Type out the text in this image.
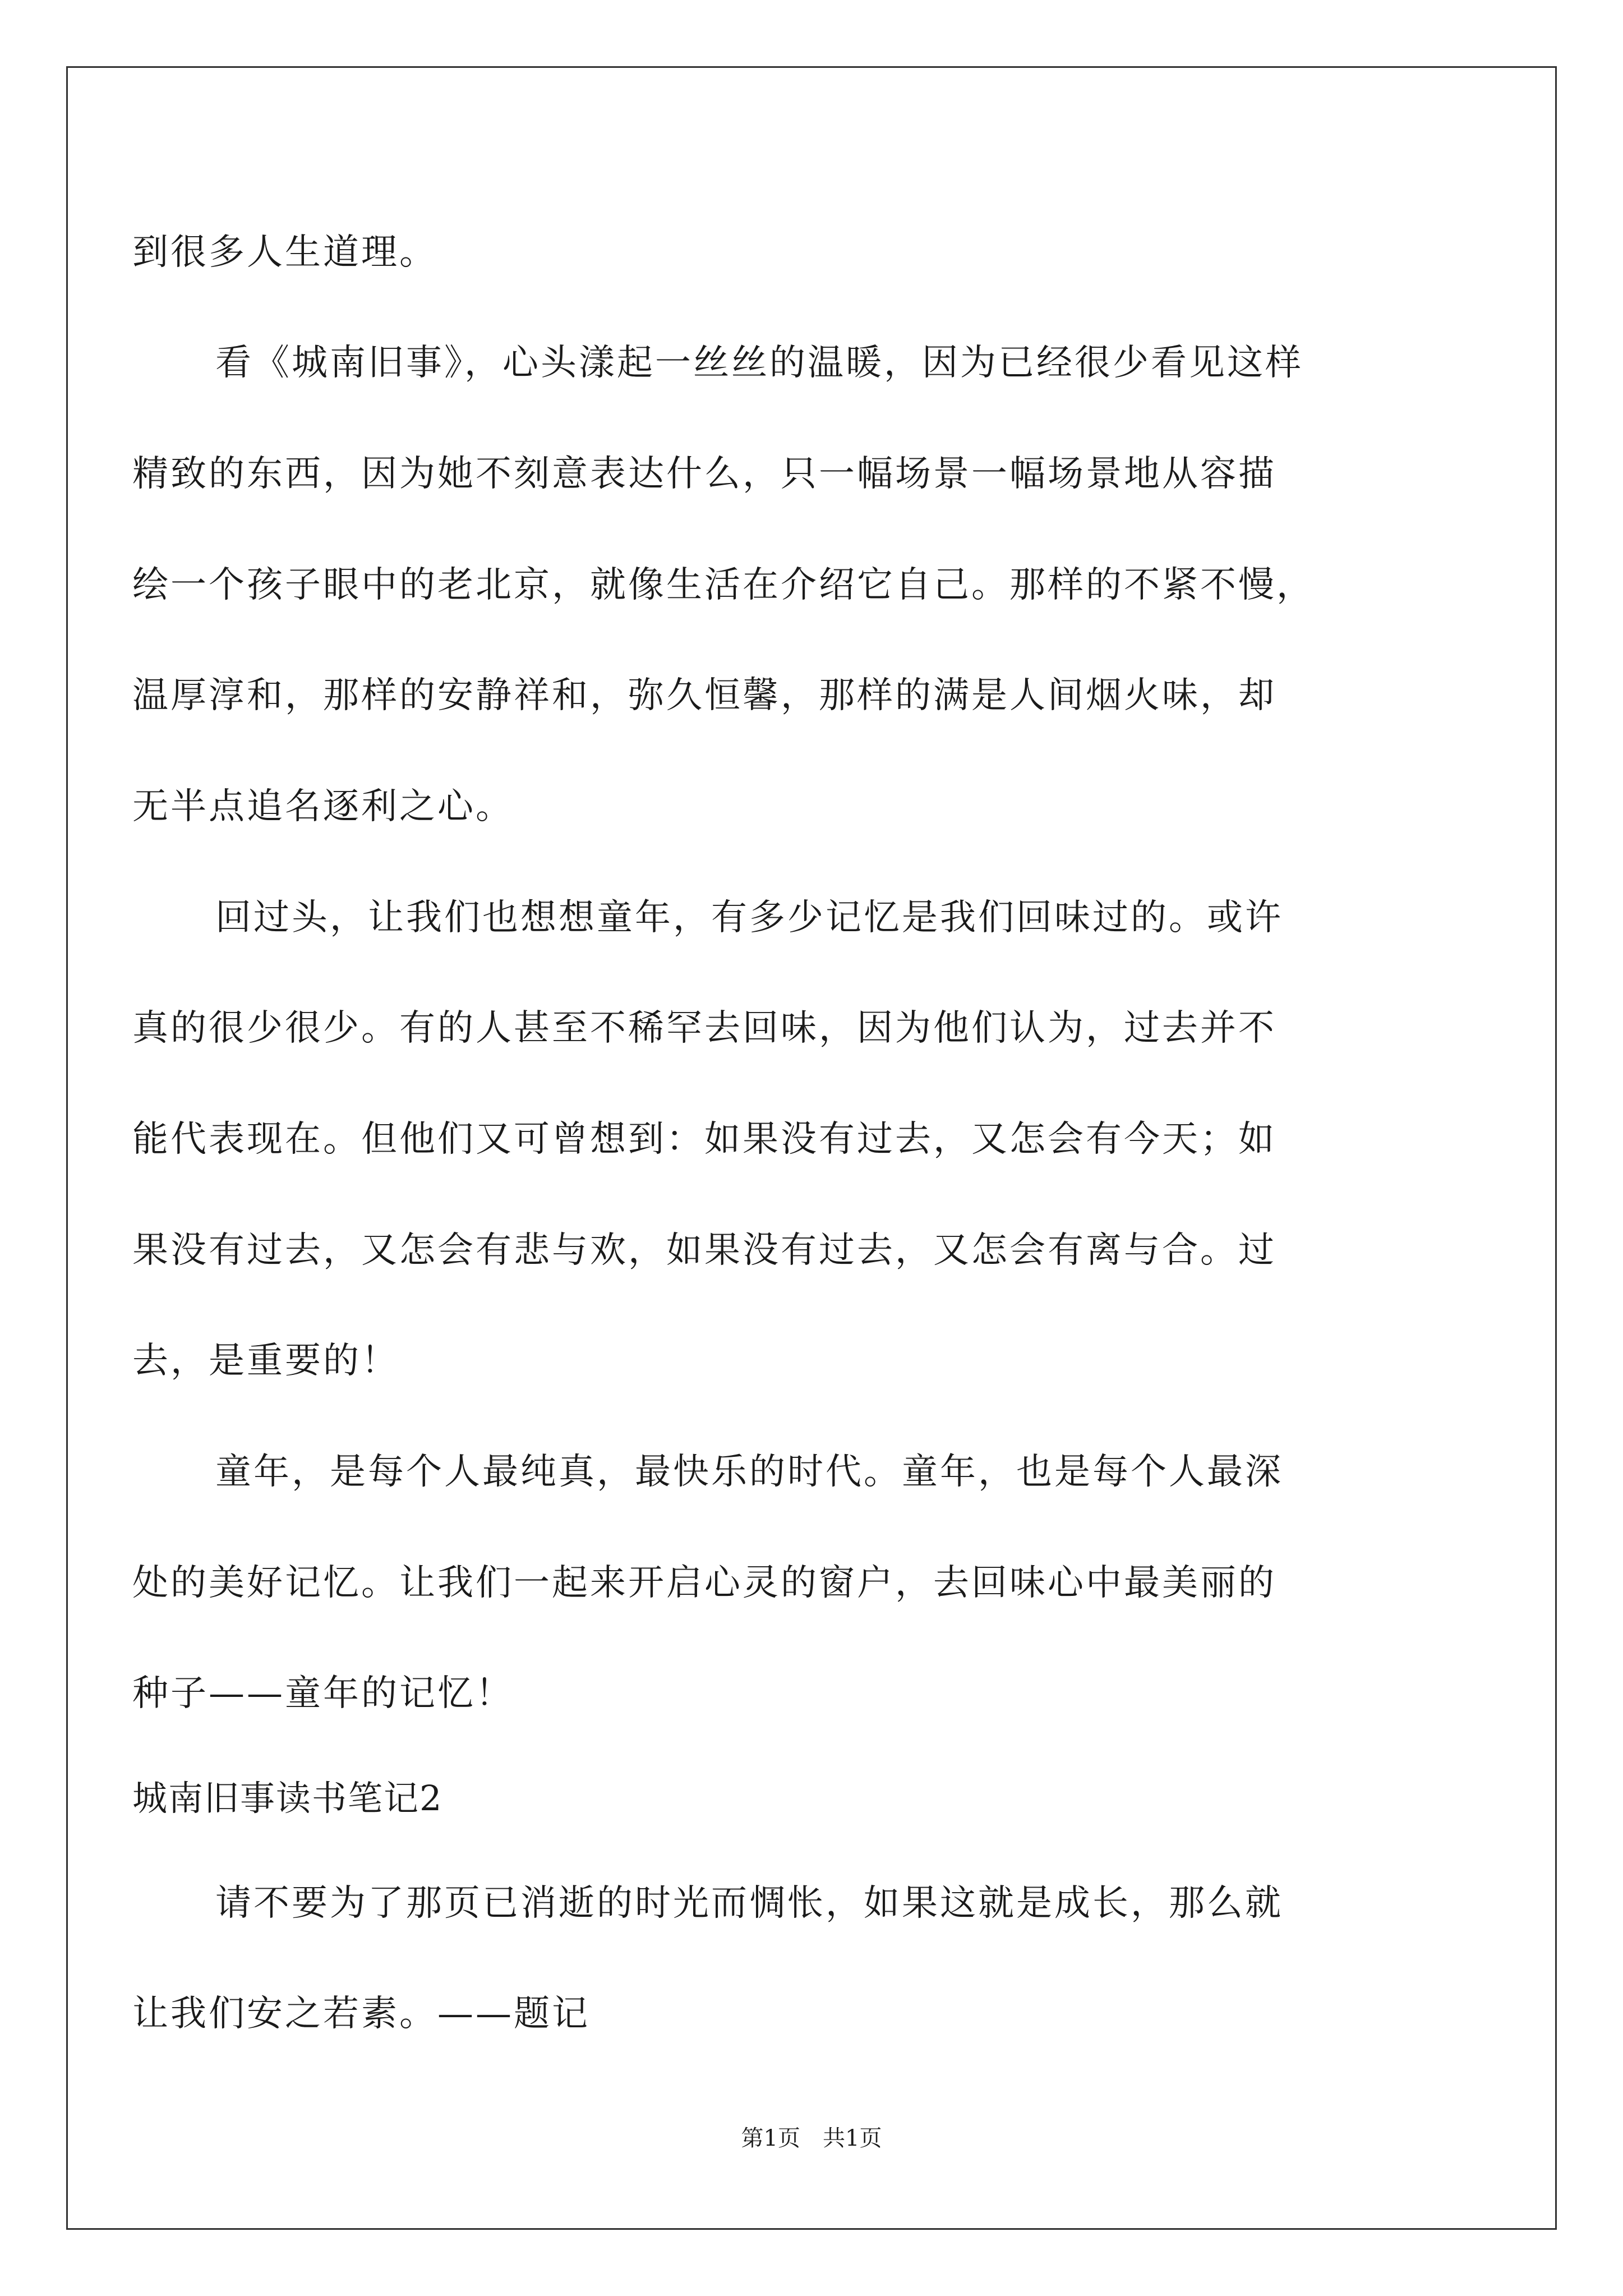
到很多人生道理。
看《城南旧事》，心头漾起一丝丝的温暖，因为已经很少看见这样
精致的东西，因为她不刻意表达什么，只一幅场景一幅场景地从容描
绘一个孩子眼中的老北京，就像生活在介绍它自己。那样的不紧不慢，
温厚淳和，那样的安静祥和，弥久恒馨，那样的满是人间烟火味，却
无半点追名逐利之心。
回过头，让我们也想想童年，有多少记忆是我们回味过的。或许
真的很少很少。有的人甚至不稀罕去回味，因为他们认为，过去并不
能代表现在。但他们又可曾想到：如果没有过去，又怎会有今天；如
果没有过去，又怎会有悲与欢，如果没有过去，又怎会有离与合。过
去，是重要的！
童年，是每个人最纯真，最快乐的时代。童年，也是每个人最深
处的美好记忆。让我们一起来开启心灵的窗户，去回味心中最美丽的
种子——童年的记忆！
城南旧事读书笔记2
请不要为了那页已消逝的时光而惆怅，如果这就是成长，那么就
让我们安之若素。——题记
第1页　共1页
